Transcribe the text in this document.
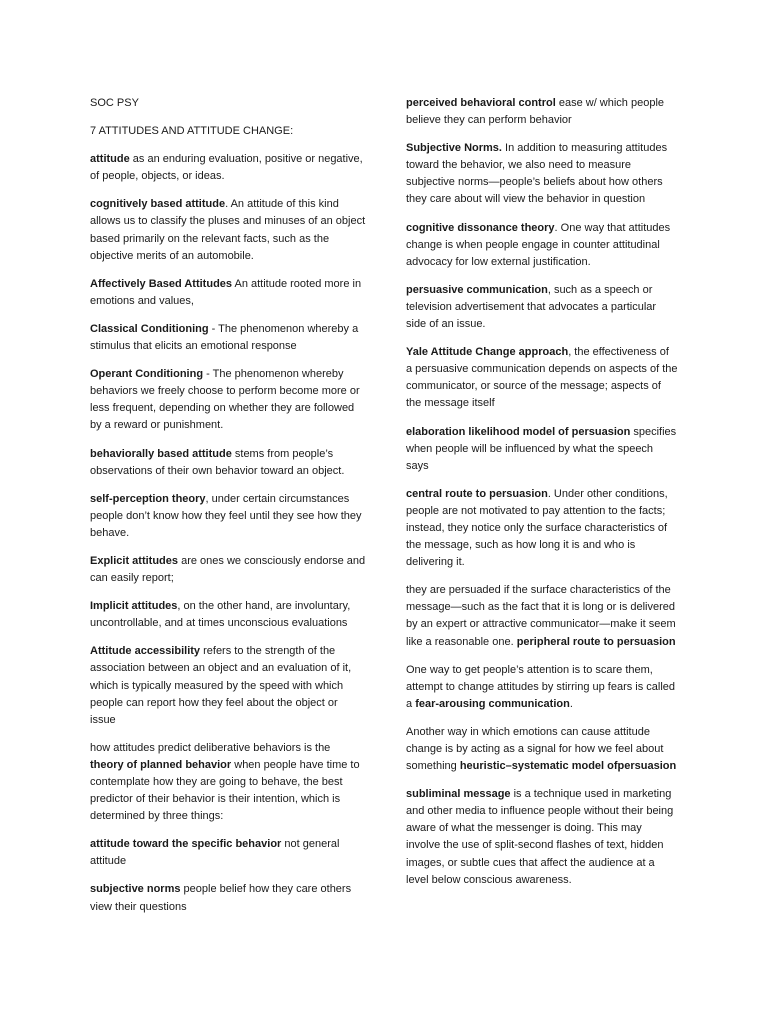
SOC PSY

7 ATTITUDES AND ATTITUDE CHANGE:

attitude as an enduring evaluation, positive or negative, of people, objects, or ideas.

cognitively based attitude. An attitude of this kind allows us to classify the pluses and minuses of an object based primarily on the relevant facts, such as the objective merits of an automobile.

Affectively Based Attitudes An attitude rooted more in emotions and values,

Classical Conditioning - The phenomenon whereby a stimulus that elicits an emotional response

Operant Conditioning - The phenomenon whereby behaviors we freely choose to perform become more or less frequent, depending on whether they are followed by a reward or punishment.

behaviorally based attitude stems from people’s observations of their own behavior toward an object.

self-perception theory, under certain circumstances people don’t know how they feel until they see how they behave.

Explicit attitudes are ones we consciously endorse and can easily report;

Implicit attitudes, on the other hand, are involuntary, uncontrollable, and at times unconscious evaluations

Attitude accessibility refers to the strength of the association between an object and an evaluation of it, which is typically measured by the speed with which people can report how they feel about the object or issue

how attitudes predict deliberative behaviors is the theory of planned behavior when people have time to contemplate how they are going to behave, the best predictor of their behavior is their intention, which is determined by three things:

attitude toward the specific behavior not general attitude

subjective norms people belief how they care others view their questions

perceived behavioral control ease w/ which people believe they can perform behavior

Subjective Norms. In addition to measuring attitudes toward the behavior, we also need to measure subjective norms—people’s beliefs about how others they care about will view the behavior in question

cognitive dissonance theory. One way that attitudes change is when people engage in counter attitudinal advocacy for low external justification.

persuasive communication, such as a speech or television advertisement that advocates a particular side of an issue.

Yale Attitude Change approach, the effectiveness of a persuasive communication depends on aspects of the communicator, or source of the message; aspects of the message itself

elaboration likelihood model of persuasion specifies when people will be influenced by what the speech says

central route to persuasion. Under other conditions, people are not motivated to pay attention to the facts; instead, they notice only the surface characteristics of the message, such as how long it is and who is delivering it.

they are persuaded if the surface characteristics of the message—such as the fact that it is long or is delivered by an expert or attractive communicator—make it seem like a reasonable one. peripheral route to persuasion

One way to get people’s attention is to scare them, attempt to change attitudes by stirring up fears is called a fear-arousing communication.

Another way in which emotions can cause attitude change is by acting as a signal for how we feel about something heuristic–systematic model ofpersuasion

subliminal message is a technique used in marketing and other media to influence people without their being aware of what the messenger is doing. This may involve the use of split-second flashes of text, hidden images, or subtle cues that affect the audience at a level below conscious awareness.
